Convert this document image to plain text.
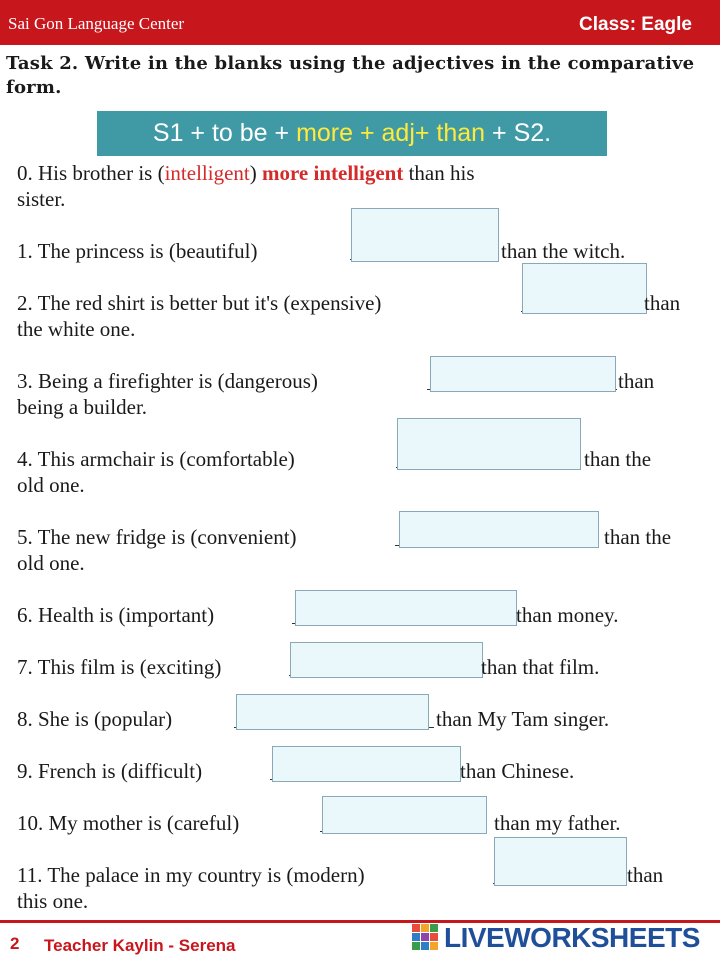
Sai Gon Language Center	Class: Eagle
Task 2. Write in the blanks using the adjectives in the comparative form.
S1 + to be + more + adj+ than + S2.
0. His brother is (intelligent) more intelligent than his
sister.
1. The princess is (beautiful)	than the witch.
2. The red shirt is better but it's (expensive)	than
the white one.
3. Being a firefighter is (dangerous)	than
being a builder.
4. This armchair is (comfortable)	than the
old one.
5. The new fridge is (convenient)	than the
old one.
6. Health is (important)	than money.
7. This film is (exciting)	than that film.
8. She is (popular)	than My Tam singer.
9. French is (difficult)	than Chinese.
10. My mother is (careful)	than my father.
11. The palace in my country is (modern)	than
this one.
2 Teacher Kaylin - Serena	LIVEWORKSHEETS
